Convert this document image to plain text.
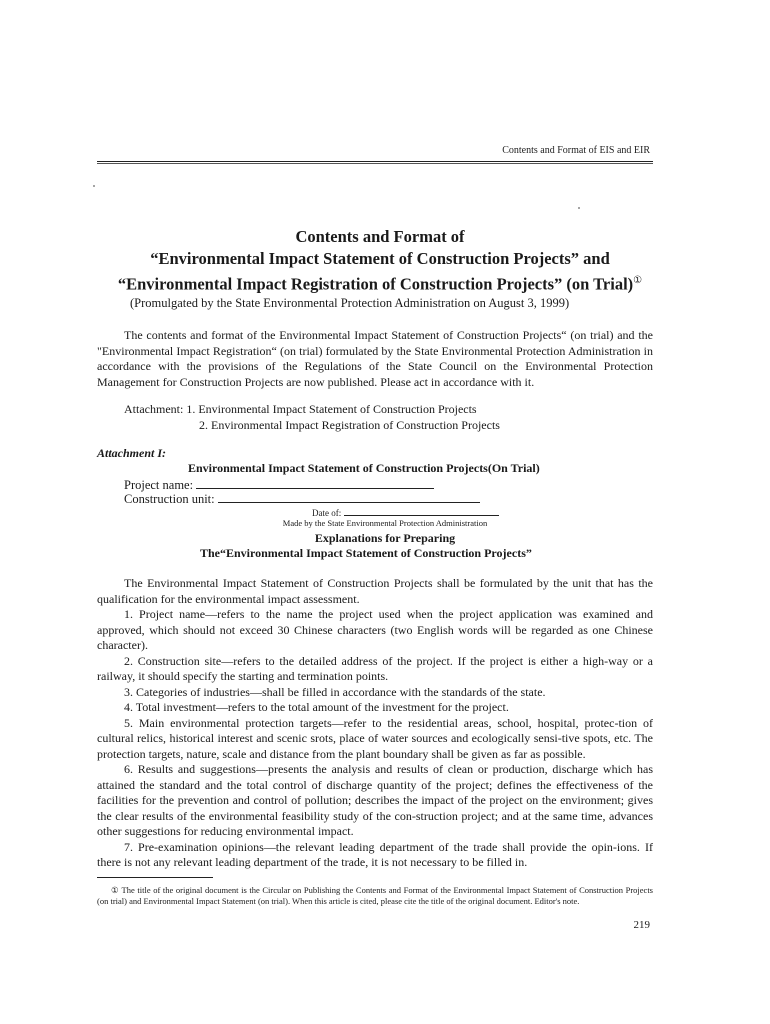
Contents and Format of EIS and EIR
Contents and Format of
“Environmental Impact Statement of Construction Projects” and
“Environmental Impact Registration of Construction Projects” (on Trial)①
(Promulgated by the State Environmental Protection Administration on August 3, 1999)

The contents and format of the Environmental Impact Statement of Construction Projects“ (on trial) and the "Environmental Impact Registration“ (on trial) formulated by the State Environmental Protection Administration in accordance with the provisions of the Regulations of the State Council on the Environmental Protection Management for Construction Projects are now published. Please act in accordance with it.

Attachment: 1. Environmental Impact Statement of Construction Projects
2. Environmental Impact Registration of Construction Projects
Attachment I:
Environmental Impact Statement of Construction Projects(On Trial)
Project name:
Construction unit:
Date of:
Made by the State Environmental Protection Administration
Explanations for Preparing
The“Environmental Impact Statement of Construction Projects”

The Environmental Impact Statement of Construction Projects shall be formulated by the unit that has the qualification for the environmental impact assessment.

1. Project name—refers to the name the project used when the project application was examined and approved, which should not exceed 30 Chinese characters (two English words will be regarded as one Chinese character).

2. Construction site—refers to the detailed address of the project. If the project is either a high-way or a railway, it should specify the starting and termination points.

3. Categories of industries—shall be filled in accordance with the standards of the state.

4. Total investment—refers to the total amount of the investment for the project.

5. Main environmental protection targets—refer to the residential areas, school, hospital, protec-tion of cultural relics, historical interest and scenic srots, place of water sources and ecologically sensi-tive spots, etc. The protection targets, nature, scale and distance from the plant boundary shall be given as far as possible.

6. Results and suggestions—presents the analysis and results of clean or production, discharge which has attained the standard and the total control of discharge quantity of the project; defines the effectiveness of the facilities for the prevention and control of pollution; describes the impact of the project on the environment; gives the clear results of the environmental feasibility study of the con-struction project; and at the same time, advances other suggestions for reducing environmental impact.

7. Pre-examination opinions—the relevant leading department of the trade shall provide the opin-ions. If there is not any relevant leading department of the trade, it is not necessary to be filled in.

① The title of the original document is the Circular on Publishing the Contents and Format of the Environmental Impact Statement of Construction Projects (on trial) and Environmental Impact Statement (on trial). When this article is cited, please cite the title of the original document. Editor's note.

219
